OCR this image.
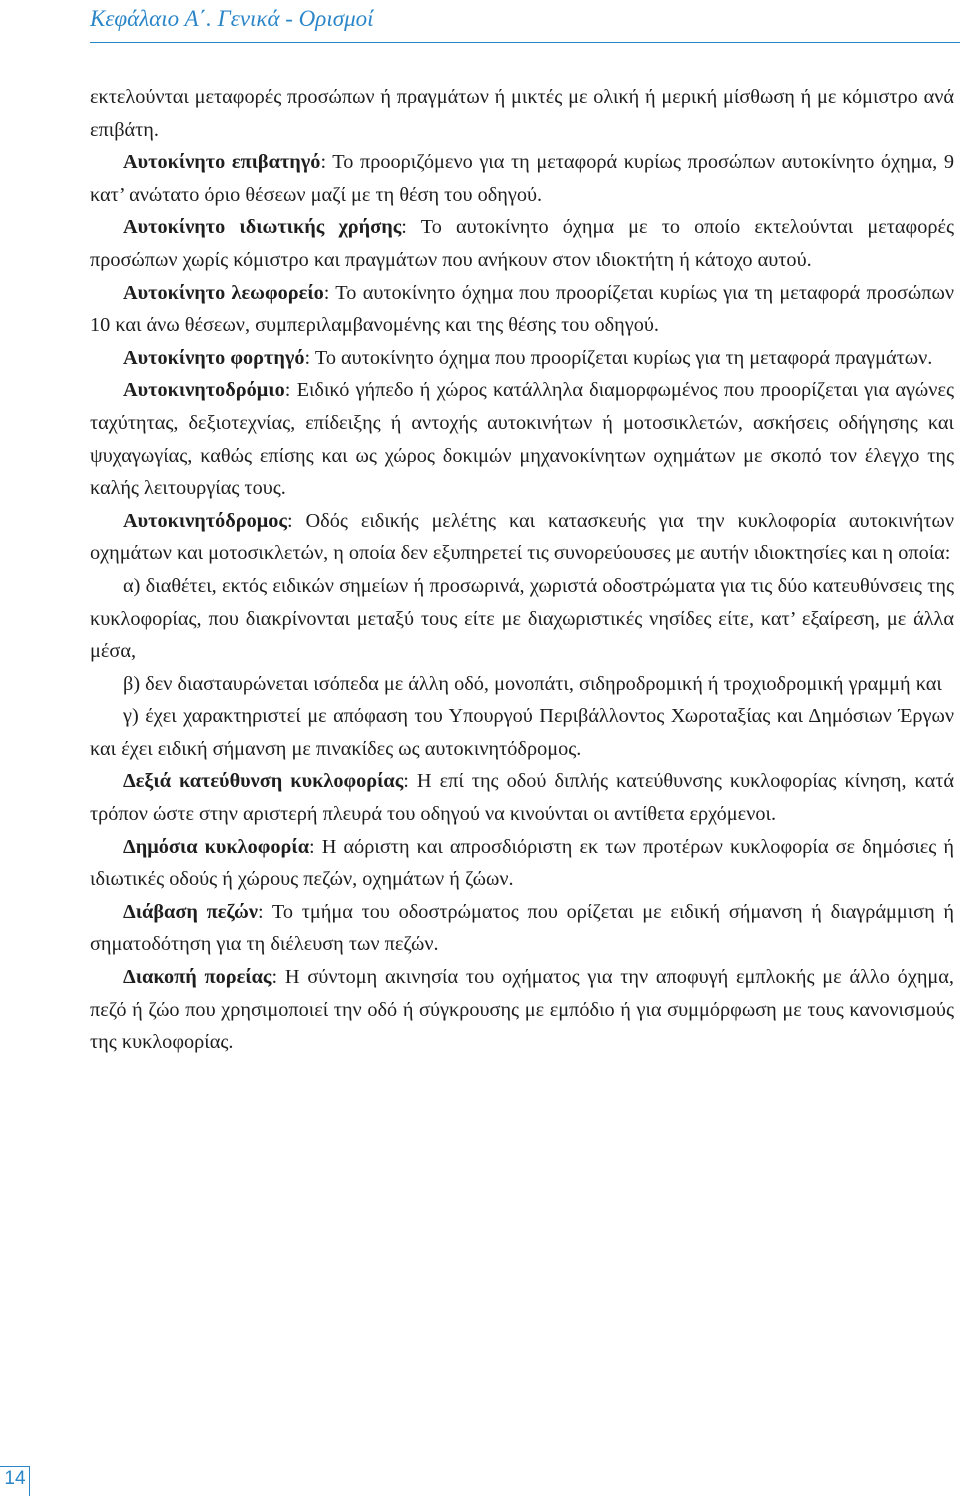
Κεφάλαιο Α΄. Γενικά - Ορισμοί

εκτελούνται μεταφορές προσώπων ή πραγμάτων ή μικτές με ολική ή μερική μίσθωση ή με κόμιστρο ανά επιβάτη.

Αυτοκίνητο επιβατηγό: Το προοριζόμενο για τη μεταφορά κυρίως προσώπων αυτοκίνητο όχημα, 9 κατ’ ανώτατο όριο θέσεων μαζί με τη θέση του οδηγού.

Αυτοκίνητο ιδιωτικής χρήσης: Το αυτοκίνητο όχημα με το οποίο εκτελούνται μεταφορές προσώπων χωρίς κόμιστρο και πραγμάτων που ανήκουν στον ιδιοκτήτη ή κάτοχο αυτού.

Αυτοκίνητο λεωφορείο: Το αυτοκίνητο όχημα που προορίζεται κυρίως για τη μεταφορά προσώπων 10 και άνω θέσεων, συμπεριλαμβανομένης και της θέσης του οδηγού.

Αυτοκίνητο φορτηγό: Το αυτοκίνητο όχημα που προορίζεται κυρίως για τη μεταφορά πραγμάτων.

Αυτοκινητοδρόμιο: Ειδικό γήπεδο ή χώρος κατάλληλα διαμορφωμένος που προορίζεται για αγώνες ταχύτητας, δεξιοτεχνίας, επίδειξης ή αντοχής αυτοκινήτων ή μοτοσικλετών, ασκήσεις οδήγησης και ψυχαγωγίας, καθώς επίσης και ως χώρος δοκιμών μηχανοκίνητων οχημάτων με σκοπό τον έλεγχο της καλής λειτουργίας τους.

Αυτοκινητόδρομος: Οδός ειδικής μελέτης και κατασκευής για την κυκλοφορία αυτοκινήτων οχημάτων και μοτοσικλετών, η οποία δεν εξυπηρετεί τις συνορεύουσες με αυτήν ιδιοκτησίες και η οποία:

α) διαθέτει, εκτός ειδικών σημείων ή προσωρινά, χωριστά οδοστρώματα για τις δύο κατευθύνσεις της κυκλοφορίας, που διακρίνονται μεταξύ τους είτε με διαχωριστικές νησίδες είτε, κατ’ εξαίρεση, με άλλα μέσα,

β) δεν διασταυρώνεται ισόπεδα με άλλη οδό, μονοπάτι, σιδηροδρομική ή τροχιοδρομική γραμμή και

γ) έχει χαρακτηριστεί με απόφαση του Υπουργού Περιβάλλοντος Χωροταξίας και Δημόσιων Έργων και έχει ειδική σήμανση με πινακίδες ως αυτοκινητόδρομος.

Δεξιά κατεύθυνση κυκλοφορίας: Η επί της οδού διπλής κατεύθυνσης κυκλοφορίας κίνηση, κατά τρόπον ώστε στην αριστερή πλευρά του οδηγού να κινούνται οι αντίθετα ερχόμενοι.

Δημόσια κυκλοφορία: Η αόριστη και απροσδιόριστη εκ των προτέρων κυκλοφορία σε δημόσιες ή ιδιωτικές οδούς ή χώρους πεζών, οχημάτων ή ζώων.

Διάβαση πεζών: Το τμήμα του οδοστρώματος που ορίζεται με ειδική σήμανση ή διαγράμμιση ή σηματοδότηση για τη διέλευση των πεζών.

Διακοπή πορείας: Η σύντομη ακινησία του οχήματος για την αποφυγή εμπλοκής με άλλο όχημα, πεζό ή ζώο που χρησιμοποιεί την οδό ή σύγκρουσης με εμπόδιο ή για συμμόρφωση με τους κανονισμούς της κυκλοφορίας.

14
